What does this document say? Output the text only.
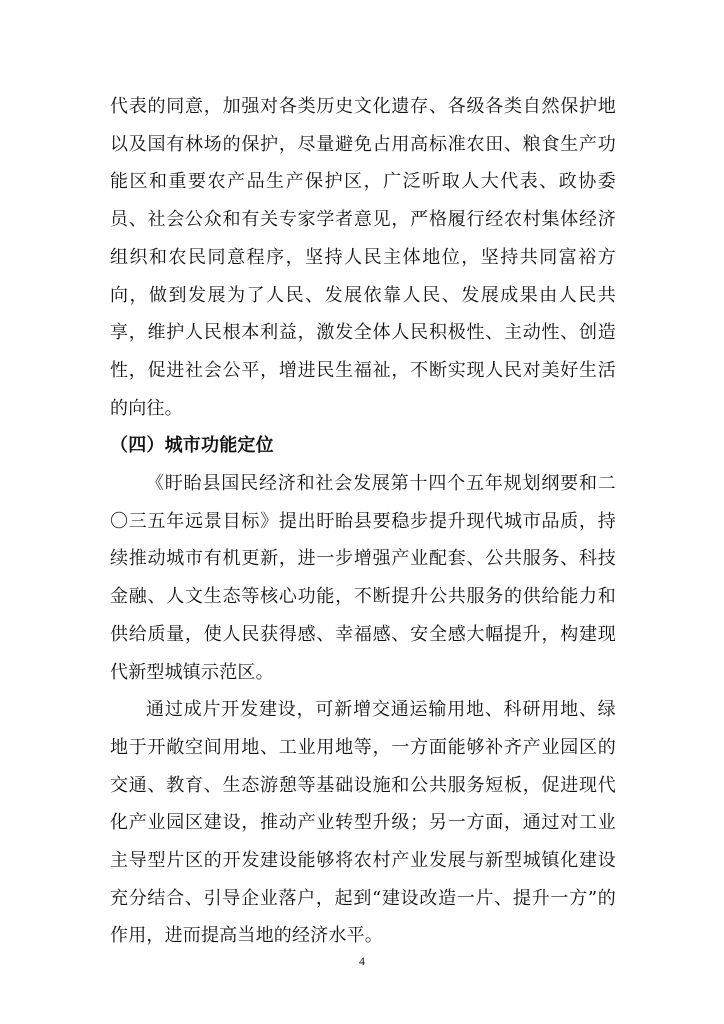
代表的同意，加强对各类历史文化遗存、各级各类自然保护地以及国有林场的保护，尽量避免占用高标准农田、粮食生产功能区和重要农产品生产保护区，广泛听取人大代表、政协委员、社会公众和有关专家学者意见，严格履行经农村集体经济组织和农民同意程序，坚持人民主体地位，坚持共同富裕方向，做到发展为了人民、发展依靠人民、发展成果由人民共享，维护人民根本利益，激发全体人民积极性、主动性、创造性，促进社会公平，增进民生福祉，不断实现人民对美好生活的向往。

（四）城市功能定位

《盱眙县国民经济和社会发展第十四个五年规划纲要和二〇三五年远景目标》提出盱眙县要稳步提升现代城市品质，持续推动城市有机更新，进一步增强产业配套、公共服务、科技金融、人文生态等核心功能，不断提升公共服务的供给能力和供给质量，使人民获得感、幸福感、安全感大幅提升，构建现代新型城镇示范区。

通过成片开发建设，可新增交通运输用地、科研用地、绿地于开敞空间用地、工业用地等，一方面能够补齐产业园区的交通、教育、生态游憩等基础设施和公共服务短板，促进现代化产业园区建设，推动产业转型升级；另一方面，通过对工业主导型片区的开发建设能够将农村产业发展与新型城镇化建设充分结合、引导企业落户，起到“建设改造一片、提升一方”的作用，进而提高当地的经济水平。

4
